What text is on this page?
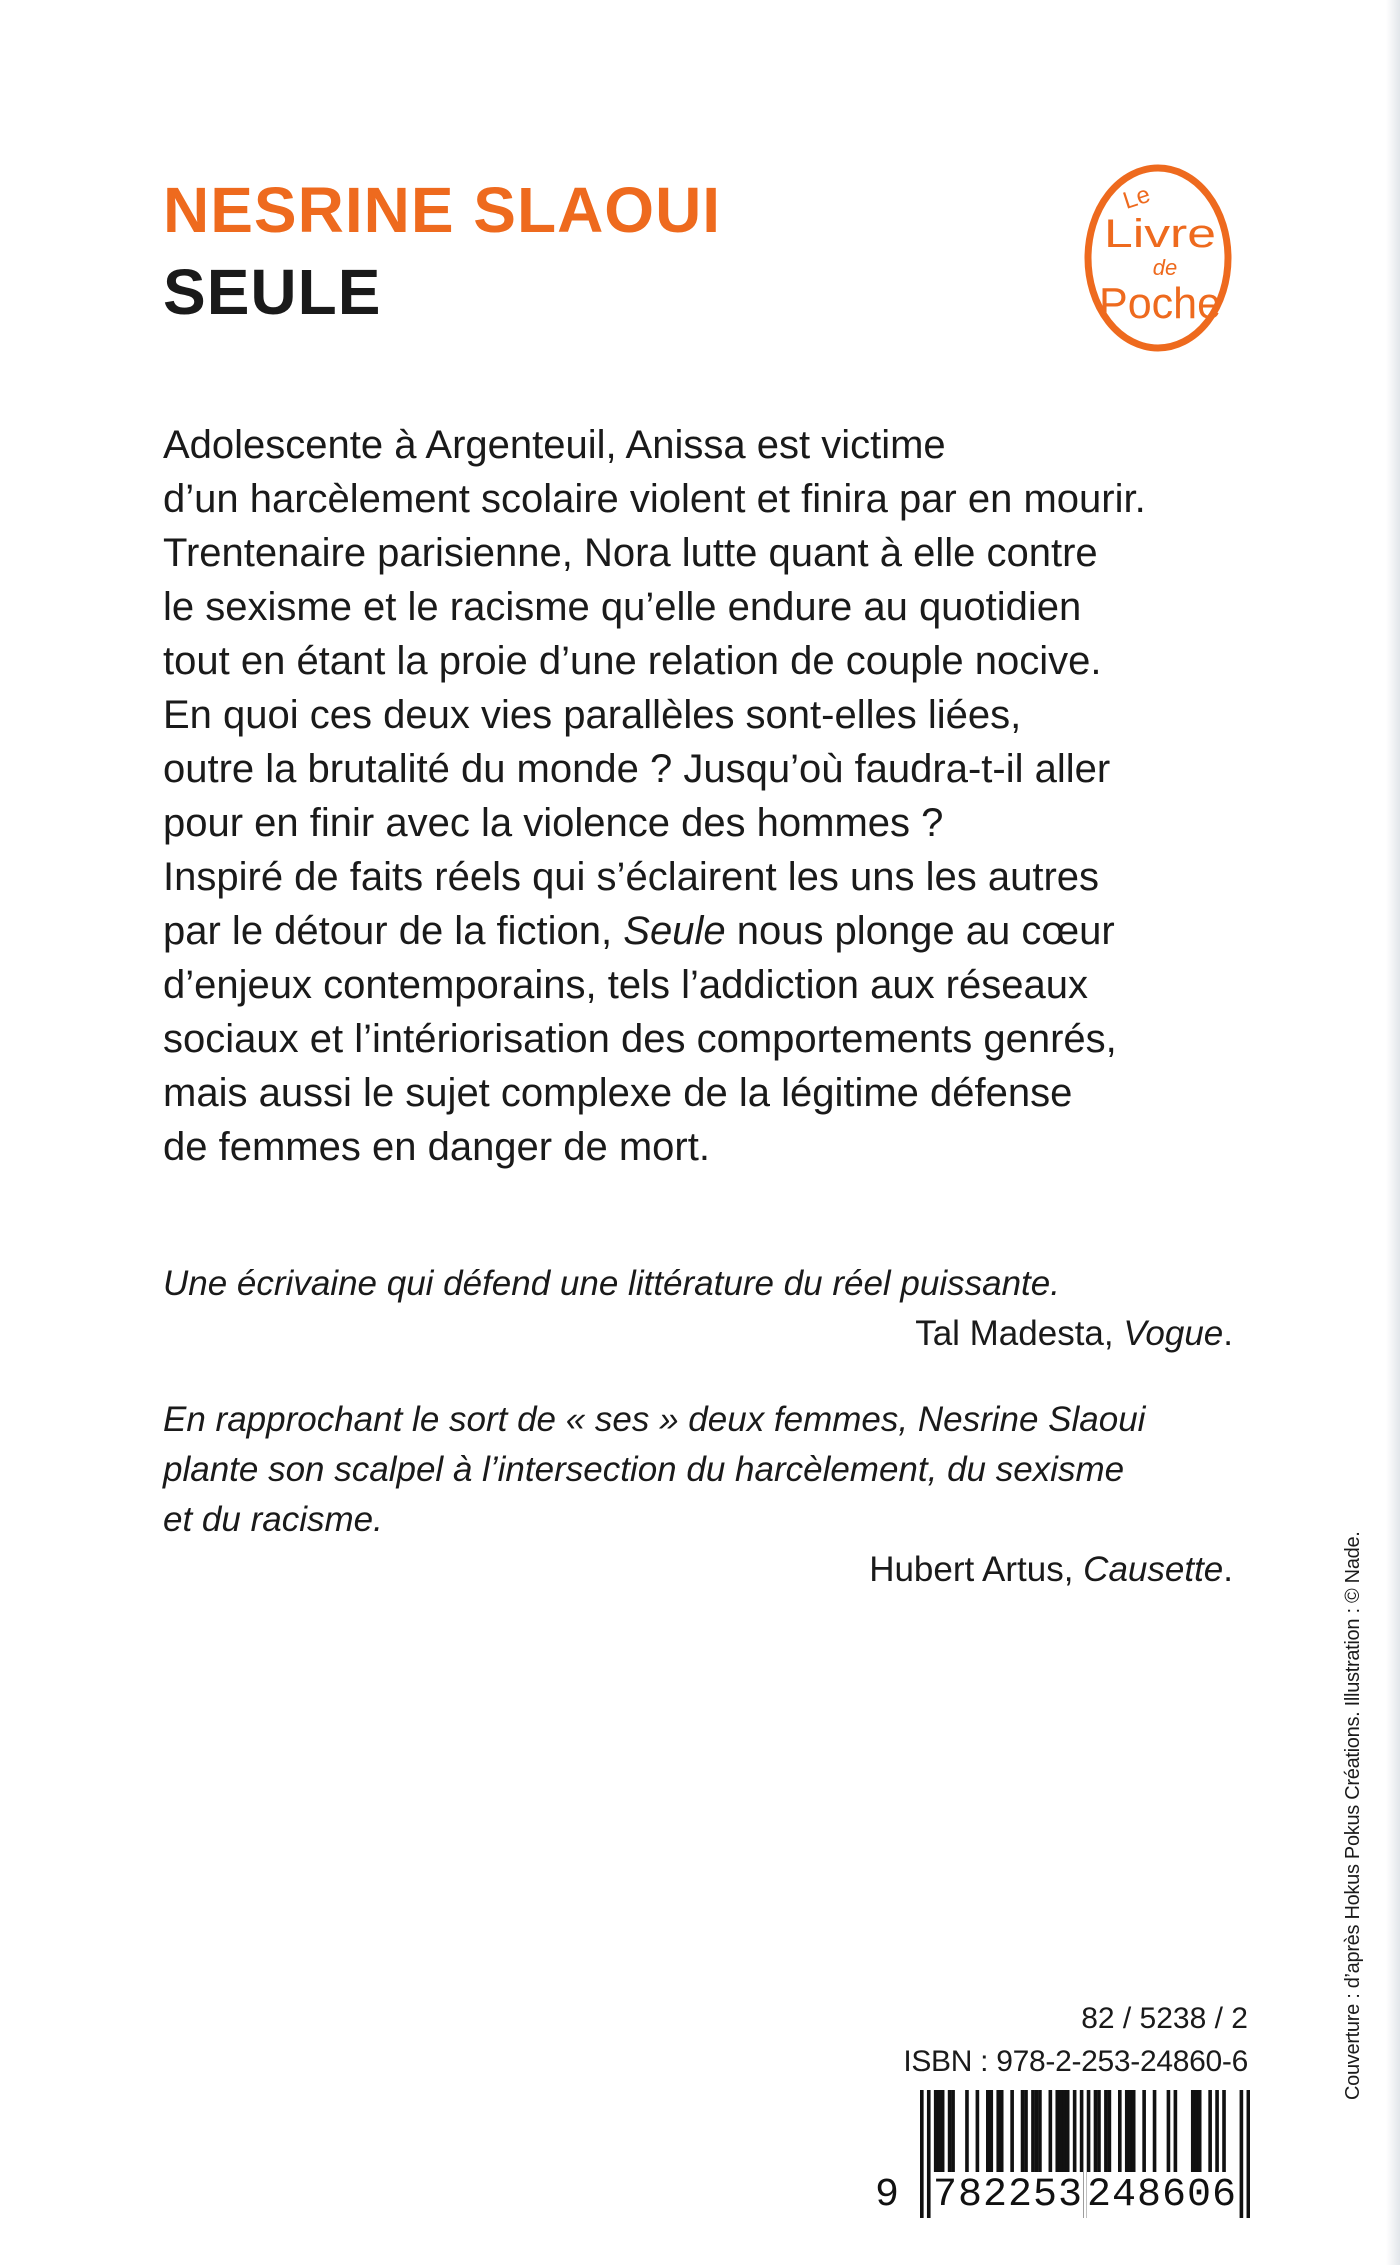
NESRINE SLAOUI
SEULE
Le
Livre
de
Poche
Adolescente à Argenteuil, Anissa est victime
d’un harcèlement scolaire violent et finira par en mourir.
Trentenaire parisienne, Nora lutte quant à elle contre
le sexisme et le racisme qu’elle endure au quotidien
tout en étant la proie d’une relation de couple nocive.
En quoi ces deux vies parallèles sont-elles liées,
outre la brutalité du monde ? Jusqu’où faudra-t-il aller
pour en finir avec la violence des hommes ?
Inspiré de faits réels qui s’éclairent les uns les autres
par le détour de la fiction, Seule nous plonge au cœur
d’enjeux contemporains, tels l’addiction aux réseaux
sociaux et l’intériorisation des comportements genrés,
mais aussi le sujet complexe de la légitime défense
de femmes en danger de mort.
Une écrivaine qui défend une littérature du réel puissante.
Tal Madesta, Vogue.
En rapprochant le sort de « ses » deux femmes, Nesrine Slaoui
plante son scalpel à l’intersection du harcèlement, du sexisme
et du racisme.
Hubert Artus, Causette.	Couverture : d’après Hokus Pokus Créations. Illustration : © Nade.
82 / 5238 / 2
ISBN : 978-2-253-24860-6
9 782253 248606
